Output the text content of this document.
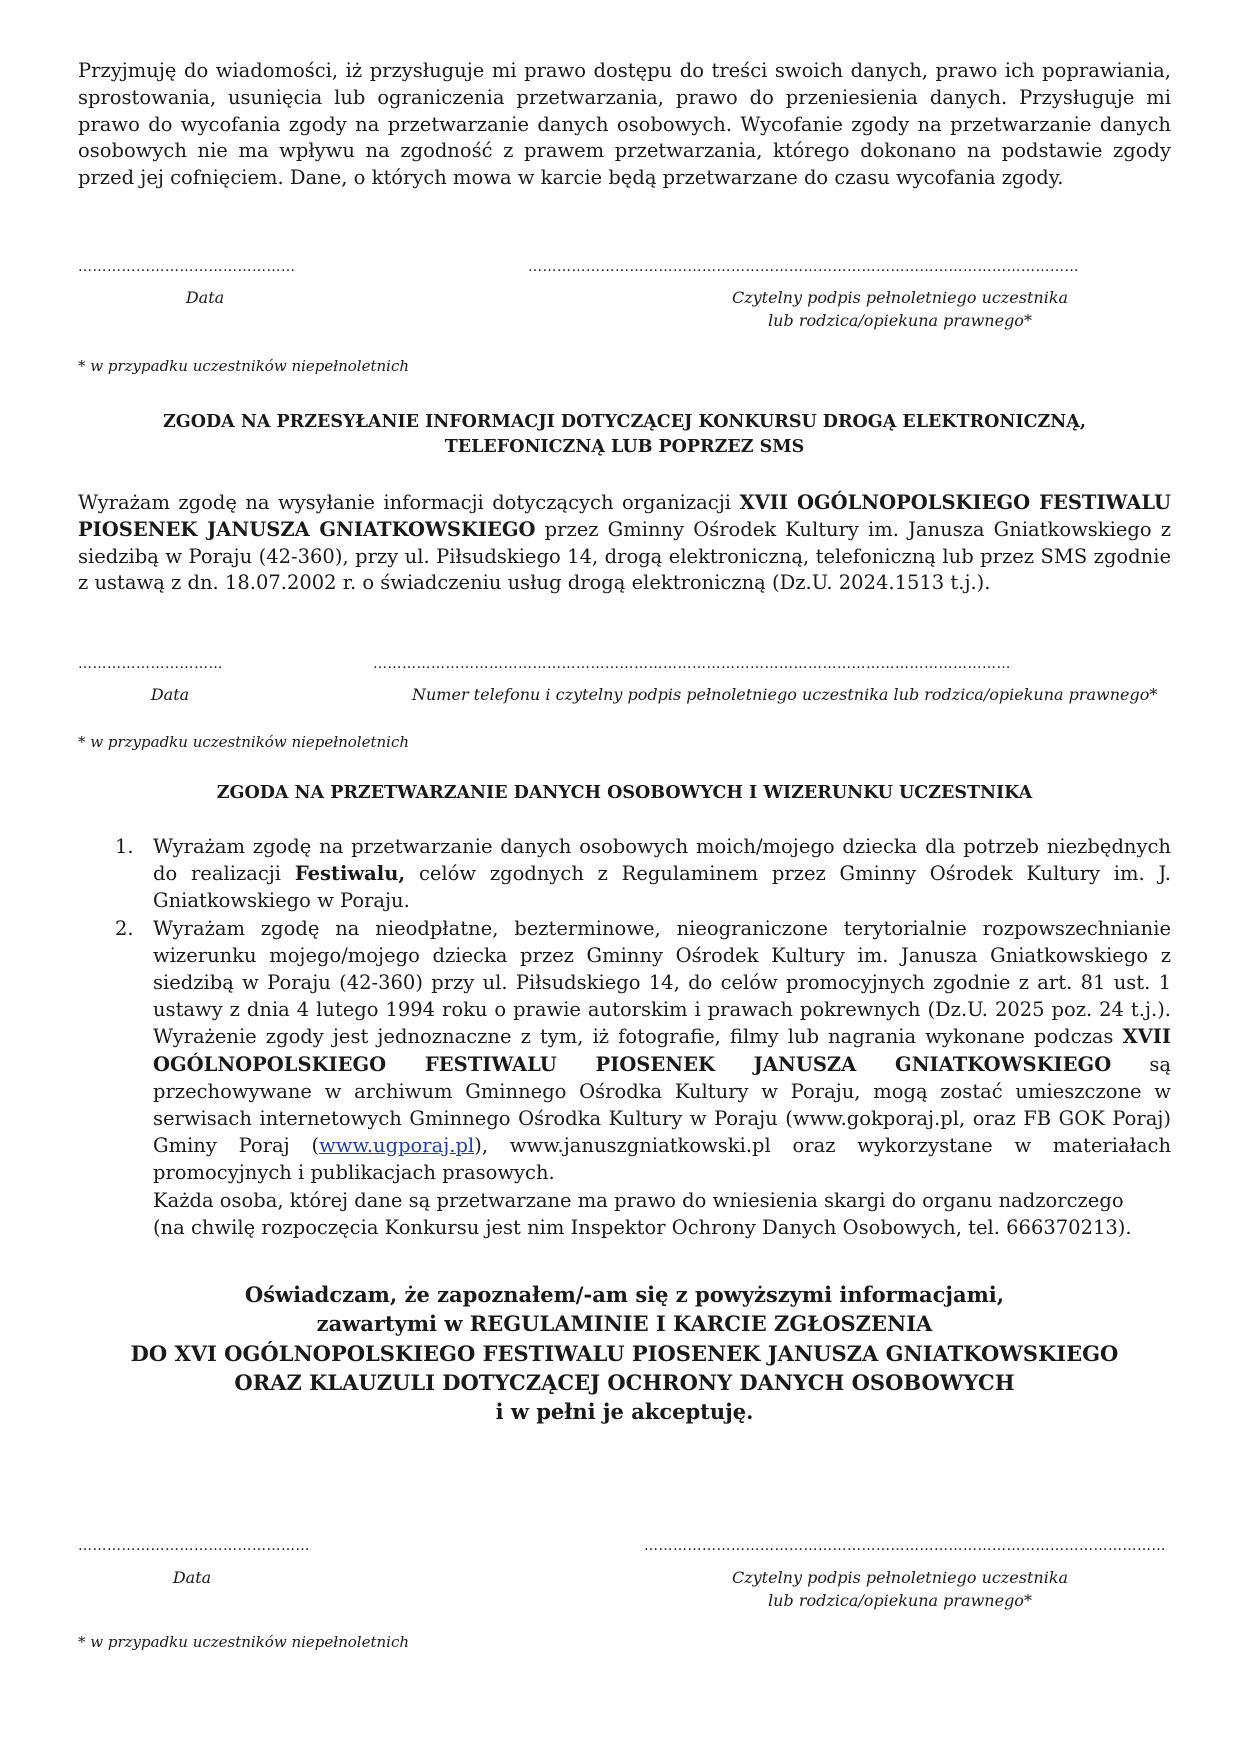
Przyjmuję do wiadomości, iż przysługuje mi prawo dostępu do treści swoich danych, prawo ich poprawiania, sprostowania, usunięcia lub ograniczenia przetwarzania, prawo do przeniesienia danych. Przysługuje mi prawo do wycofania zgody na przetwarzanie danych osobowych. Wycofanie zgody na przetwarzanie danych osobowych nie ma wpływu na zgodność z prawem przetwarzania, którego dokonano na podstawie zgody przed jej cofnięciem. Dane, o których mowa w karcie będą przetwarzane do czasu wycofania zgody.

………………………………………	……………………………………………………………………………………………………
Data	Czytelny podpis pełnoletniego uczestnika
lub rodzica/opiekuna prawnego*
* w przypadku uczestników niepełnoletnich
ZGODA NA PRZESYŁANIE INFORMACJI DOTYCZĄCEJ KONKURSU DROGĄ ELEKTRONICZNĄ,
TELEFONICZNĄ LUB POPRZEZ SMS

Wyrażam zgodę na wysyłanie informacji dotyczących organizacji XVII OGÓLNOPOLSKIEGO FESTIWALU PIOSENEK JANUSZA GNIATKOWSKIEGO przez Gminny Ośrodek Kultury im. Janusza Gniatkowskiego z siedzibą w Poraju (42-360), przy ul. Piłsudskiego 14, drogą elektroniczną, telefoniczną lub przez SMS zgodnie z ustawą z dn. 18.07.2002 r. o świadczeniu usług drogą elektroniczną (Dz.U. 2024.1513 t.j.).

…………………………	……………………………………………………………………………………………………………………
Data	Numer telefonu i czytelny podpis pełnoletniego uczestnika lub rodzica/opiekuna prawnego*
* w przypadku uczestników niepełnoletnich
ZGODA NA PRZETWARZANIE DANYCH OSOBOWYCH I WIZERUNKU UCZESTNIKA
1. Wyrażam zgodę na przetwarzanie danych osobowych moich/mojego dziecka dla potrzeb niezbędnych do realizacji Festiwalu, celów zgodnych z Regulaminem przez Gminny Ośrodek Kultury im. J. Gniatkowskiego w Poraju.
2. Wyrażam zgodę na nieodpłatne, bezterminowe, nieograniczone terytorialnie rozpowszechnianie wizerunku mojego/mojego dziecka przez Gminny Ośrodek Kultury im. Janusza Gniatkowskiego z siedzibą w Poraju (42-360) przy ul. Piłsudskiego 14, do celów promocyjnych zgodnie z art. 81 ust. 1 ustawy z dnia 4 lutego 1994 roku o prawie autorskim i prawach pokrewnych (Dz.U. 2025 poz. 24 t.j.). Wyrażenie zgody jest jednoznaczne z tym, iż fotografie, filmy lub nagrania wykonane podczas XVII OGÓLNOPOLSKIEGO FESTIWALU PIOSENEK JANUSZA GNIATKOWSKIEGO są przechowywane w archiwum Gminnego Ośrodka Kultury w Poraju, mogą zostać umieszczone w serwisach internetowych Gminnego Ośrodka Kultury w Poraju (www.gokporaj.pl, oraz FB GOK Poraj) Gminy Poraj (www.ugporaj.pl), www.januszgniatkowski.pl oraz wykorzystane w materiałach promocyjnych i publikacjach prasowych.
Każda osoba, której dane są przetwarzane ma prawo do wniesienia skargi do organu nadzorczego
(na chwilę rozpoczęcia Konkursu jest nim Inspektor Ochrony Danych Osobowych, tel. 666370213).
Oświadczam, że zapoznałem/-am się z powyższymi informacjami,
zawartymi w REGULAMINIE I KARCIE ZGŁOSZENIA
DO XVI OGÓLNOPOLSKIEGO FESTIWALU PIOSENEK JANUSZA GNIATKOWSKIEGO
ORAZ KLAUZULI DOTYCZĄCEJ OCHRONY DANYCH OSOBOWYCH
i w pełni je akceptuję.
…………………………………………	………………………………………………………………………………………………
Data	Czytelny podpis pełnoletniego uczestnika
lub rodzica/opiekuna prawnego*
* w przypadku uczestników niepełnoletnich
